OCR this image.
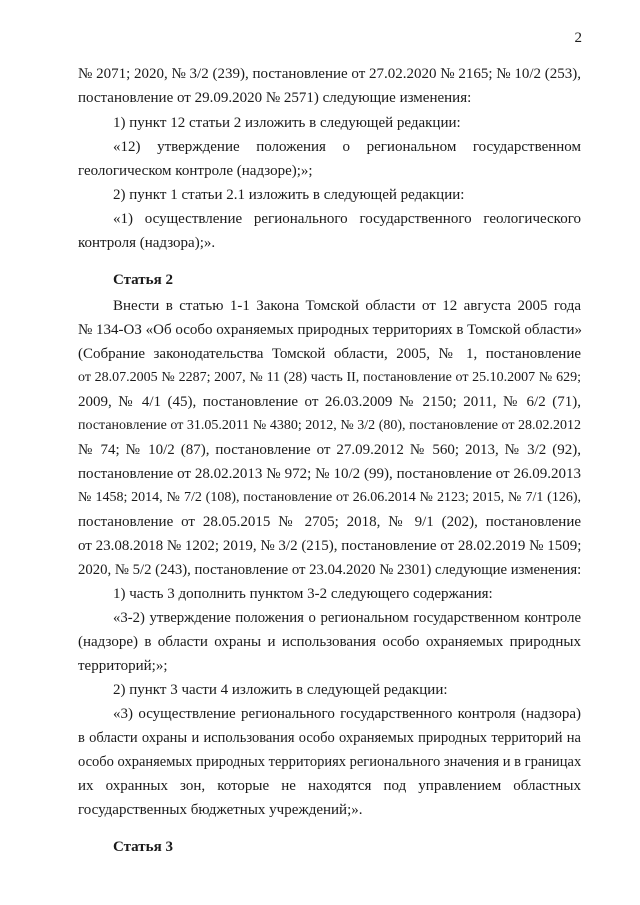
2
№ 2071; 2020, № 3/2 (239), постановление от 27.02.2020 № 2165; № 10/2 (253),
постановление от 29.09.2020 № 2571) следующие изменения:
1) пункт 12 статьи 2 изложить в следующей редакции:
«12) утверждение положения о региональном государственном
геологическом контроле (надзоре);»;
2) пункт 1 статьи 2.1 изложить в следующей редакции:
«1) осуществление регионального государственного геологического
контроля (надзора);».
Статья 2
Внести в статью 1-1 Закона Томской области от 12 августа 2005 года
№ 134-ОЗ «Об особо охраняемых природных территориях в Томской области»
(Собрание законодательства Томской области, 2005, № 1, постановление
от 28.07.2005 № 2287; 2007, № 11 (28) часть II, постановление от 25.10.2007 № 629;
2009, № 4/1 (45), постановление от 26.03.2009 № 2150; 2011, № 6/2 (71),
постановление от 31.05.2011 № 4380; 2012, № 3/2 (80), постановление от 28.02.2012
№ 74; № 10/2 (87), постановление от 27.09.2012 № 560; 2013, № 3/2 (92),
постановление от 28.02.2013 № 972; № 10/2 (99), постановление от 26.09.2013
№ 1458; 2014, № 7/2 (108), постановление от 26.06.2014 № 2123; 2015, № 7/1 (126),
постановление от 28.05.2015 № 2705; 2018, № 9/1 (202), постановление
от 23.08.2018 № 1202; 2019, № 3/2 (215), постановление от 28.02.2019 № 1509;
2020, № 5/2 (243), постановление от 23.04.2020 № 2301) следующие изменения:
1) часть 3 дополнить пунктом 3-2 следующего содержания:
«3-2) утверждение положения о региональном государственном контроле
(надзоре) в области охраны и использования особо охраняемых природных
территорий;»;
2) пункт 3 части 4 изложить в следующей редакции:
«3) осуществление регионального государственного контроля (надзора)
в области охраны и использования особо охраняемых природных территорий на
особо охраняемых природных территориях регионального значения и в границах
их охранных зон, которые не находятся под управлением областных
государственных бюджетных учреждений;».
Статья 3
